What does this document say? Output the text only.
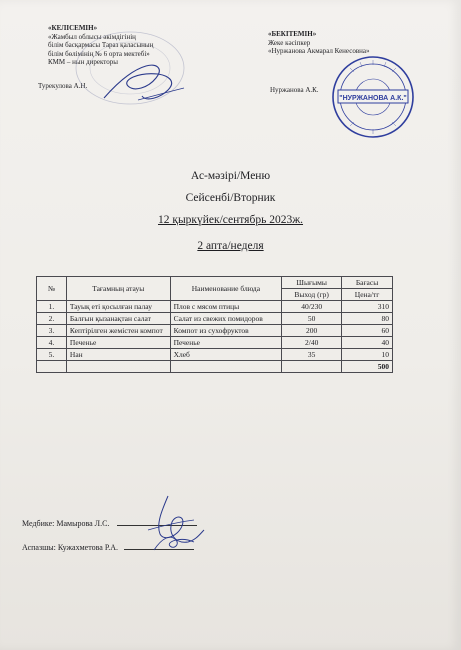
«КЕЛІСЕМІН»
«Жамбыл облысы әкімдігінің
білім басқармасы Тараз қаласының
білім бөлімінің № 6 орта мектебі»
КММ – нын директоры
Турекулова А.Н.
«БЕКІТЕМІН»
Жеке кәсіпкер
«Нуржанова Акмарал Кенесовна»
Нуржанова А.К.
"НУРЖАНОВА А.К."
Ас-мәзірі/Меню
Сейсенбі/Вторник
12 қыркүйек/сентябрь 2023ж.
2 апта/неделя
№	Тағамның атауы	Наименование блюда	Шығымы	Бағасы
			Выход (гр)	Цена/тг
1.	Тауық еті қосылған палау	Плов с мясом птицы	40/230	310
2.	Балғын қызанақтан салат	Салат из свежих помидоров	50	80
3.	Кептірілген жемістен компот	Компот из сухофруктов	200	60
4.	Печенье	Печенье	2/40	40
5.	Нан	Хлеб	35	10
				500
Медбике: Мамырова Л.С.
Аспазшы: Кужахметова Р.А.
